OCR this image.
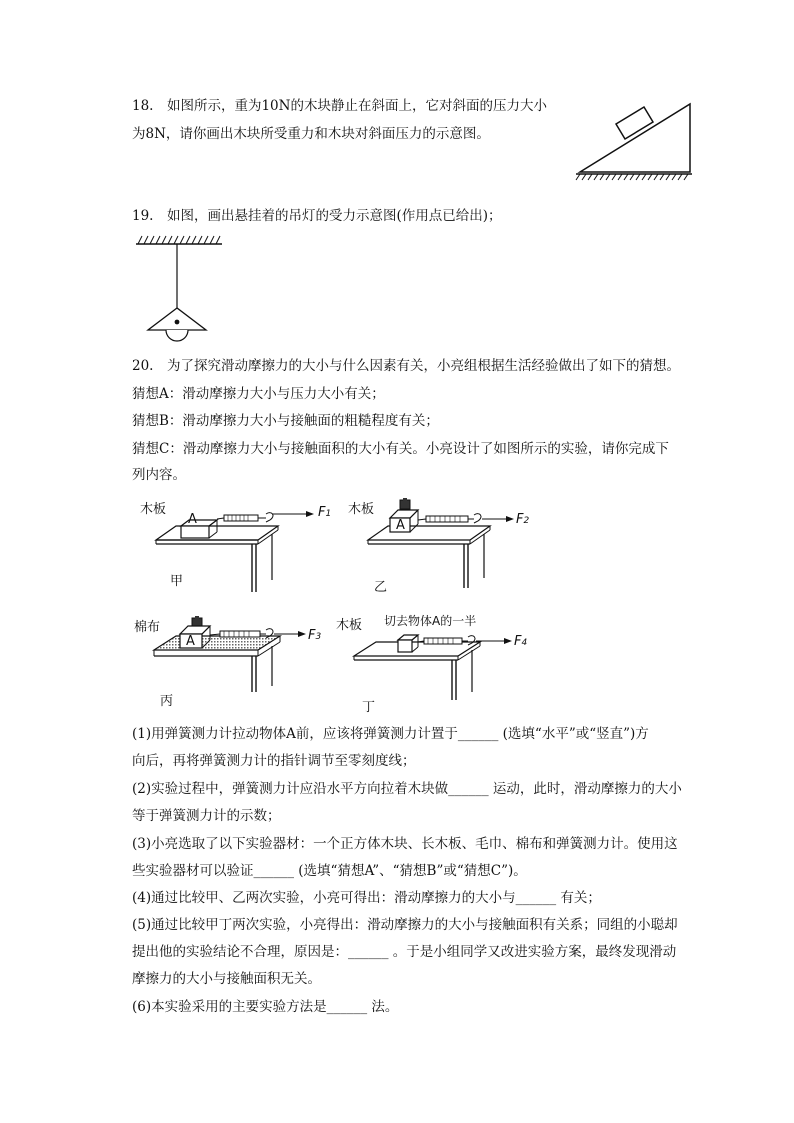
18.　如图所示，重为10N的木块静止在斜面上，它对斜面的压力大小
为8N，请你画出木块所受重力和木块对斜面压力的示意图。
19.　如图，画出悬挂着的吊灯的受力示意图(作用点已给出)；
20.　为了探究滑动摩擦力的大小与什么因素有关，小亮组根据生活经验做出了如下的猜想。
猜想A：滑动摩擦力大小与压力大小有关；
猜想B：滑动摩擦力大小与接触面的粗糙程度有关；
猜想C：滑动摩擦力大小与接触面积的大小有关。小亮设计了如图所示的实验，请你完成下
列内容。
木板
A	F1
甲
木板
A	F2
乙
棉布
A	F3
丙
木板 切去物体A的一半
F4
丁
(1)用弹簧测力计拉动物体A前，应该将弹簧测力计置于______ (选填“水平”或“竖直”)方
向后，再将弹簧测力计的指针调节至零刻度线；
(2)实验过程中，弹簧测力计应沿水平方向拉着木块做______ 运动，此时，滑动摩擦力的大小
等于弹簧测力计的示数；
(3)小亮选取了以下实验器材：一个正方体木块、长木板、毛巾、棉布和弹簧测力计。使用这
些实验器材可以验证______ (选填“猜想A”、“猜想B”或“猜想C”)。
(4)通过比较甲、乙两次实验，小亮可得出：滑动摩擦力的大小与______ 有关；
(5)通过比较甲丁两次实验，小亮得出：滑动摩擦力的大小与接触面积有关系；同组的小聪却
提出他的实验结论不合理，原因是：______ 。于是小组同学又改进实验方案，最终发现滑动
摩擦力的大小与接触面积无关。
(6)本实验采用的主要实验方法是______ 法。
